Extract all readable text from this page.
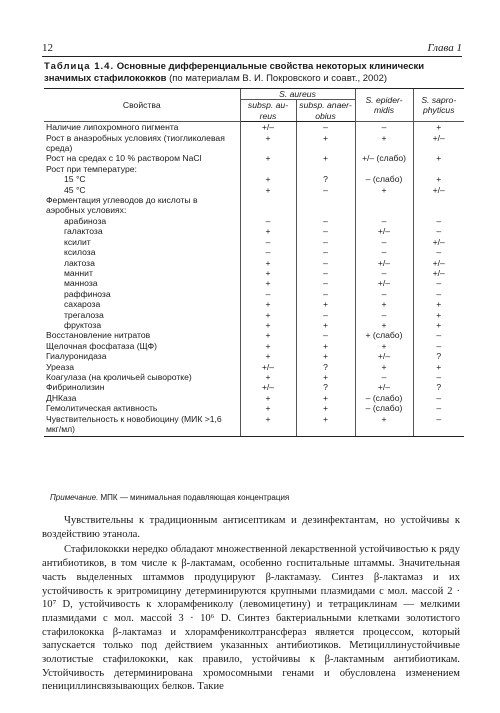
12	Глава 1
Таблица 1.4. Основные дифференциальные свойства некоторых клинически значимых стафилококков (по материалам В. И. Покровского и соавт., 2002)
Свойства	S. aureus		S. epider-midis	S. sapro-phyticus
	subsp. au-reus	subsp. anaer-obius		
Наличие липохромного пигмента	+/–	–	–	+
Рост в анаэробных условиях (тиогликолевая среда)	+	+	+	+/–
Рост на средах с 10 % раствором NaCl	+	+	+/– (слабо)	+
Рост при температуре:				
15 °C	+	?	– (слабо)	+
45 °C	+	–	+	+/–
Ферментация углеводов до кислоты в аэробных условиях:				
арабиноза	–	–	–	–
галактоза	+	–	+/–	–
ксилит	–	–	–	+/–
ксилоза	–	–	–	–
лактоза	+	–	+/–	+/–
маннит	+	–	–	+/–
манноза	+	–	+/–	–
раффиноза	–	–	–	–
сахароза	+	+	+	+
трегалоза	+	–	–	+
фруктоза	+	+	+	+
Восстановление нитратов	+	–	+ (слабо)	–
Щелочная фосфатаза (ЩФ)	+	+	+	–
Гиалуронидаза	+	+	+/–	?
Уреаза	+/–	?	+	+
Коагулаза (на кроличьей сыворотке)	+	+	–	–
Фибринолизин	+/–	?	+/–	?
ДНКаза	+	+	– (слабо)	–
Гемолитическая активность	+	+	– (слабо)	–
Чувствительность к новобиоцину (МИК >1,6 мкг/мл)	+	+	+	–
Примечание. МПК — минимальная подавляющая концентрация

Чувствительны к традиционным антисептикам и дезинфектантам, но устойчивы к воздействию этанола.

Стафилококки нередко обладают множественной лекарственной устойчивостью к ряду антибиотиков, в том числе к β-лактамам, особенно госпитальные штаммы. Значительная часть выделенных штаммов продуцируют β-лактамазу. Синтез β-лактамаз и их устойчивость к эритромицину детерминируются крупными плазмидами с мол. массой 2 · 10⁷ D, устойчивость к хлорамфениколу (левомицетину) и тетрациклинам — мелкими плазмидами с мол. массой 3 · 10⁶ D. Синтез бактериальными клетками золотистого стафилококка β-лактамаз и хлорамфениколтрансфераз является процессом, который запускается только под действием указанных антибиотиков. Метициллинустойчивые золотистые стафилококки, как правило, устойчивы к β-лактамным антибиотикам. Устойчивость детерминирована хромосомными генами и обусловлена изменением пенициллинсвязывающих белков. Такие
